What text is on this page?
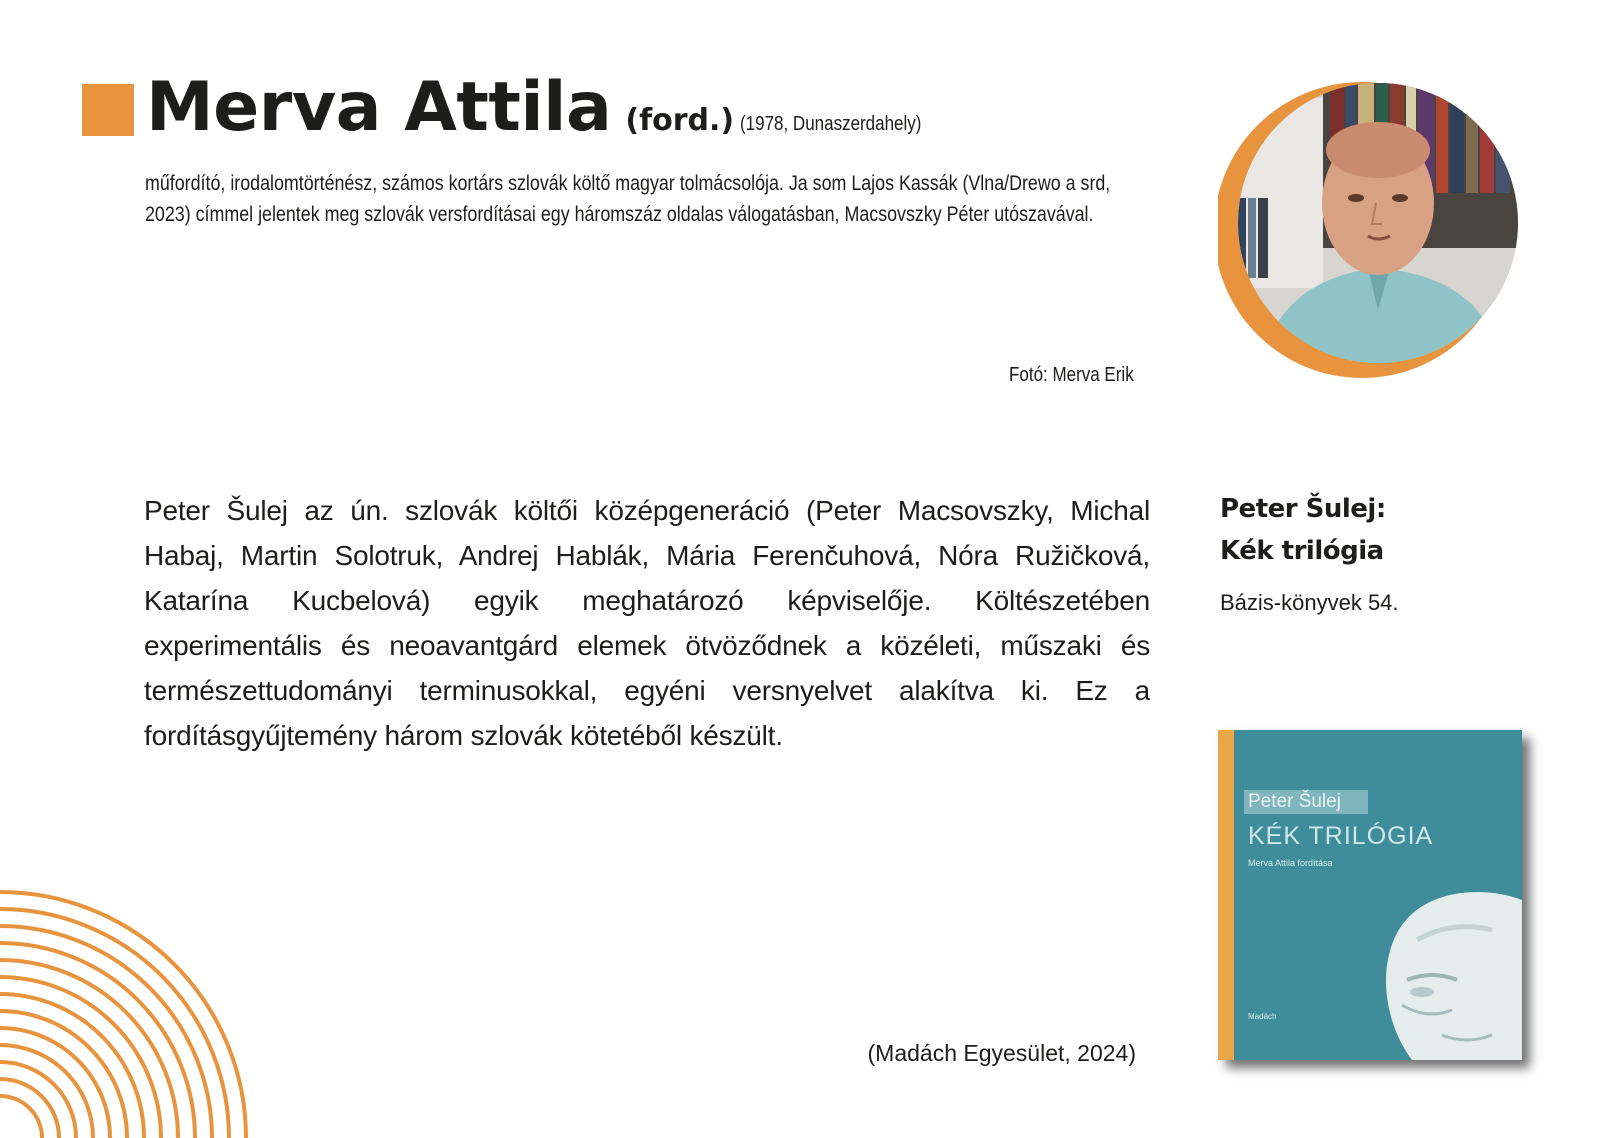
Merva Attila (ford.) (1978, Dunaszerdahely)
műfordító, irodalomtörténész, számos kortárs szlovák költő magyar tolmácsolója. Ja som Lajos Kassák (Vlna/Drewo a srd, 2023) címmel jelentek meg szlovák versfordításai egy háromszáz oldalas válogatásban, Macsovszky Péter utószavával.
Fotó: Merva Erik

Peter Šulej az ún. szlovák költői középgeneráció (Peter Macsovszky, Michal Habaj, Martin Solotruk, Andrej Hablák, Mária Ferenčuhová, Nóra Ružičková, Katarína Kucbelová) egyik meghatározó képviselője. Költészetében experimentális és neoavantgárd elemek ötvöződnek a közéleti, műszaki és természettudományi terminusokkal, egyéni versnyelvet alakítva ki. Ez a fordításgyűjtemény három szlovák kötetéből készült.

(Madách Egyesület, 2024)
Peter Šulej:
Kék trilógia
Bázis-könyvek 54.
Peter Šulej
KÉK TRILÓGIA
Merva Attila fordítása
Madách
